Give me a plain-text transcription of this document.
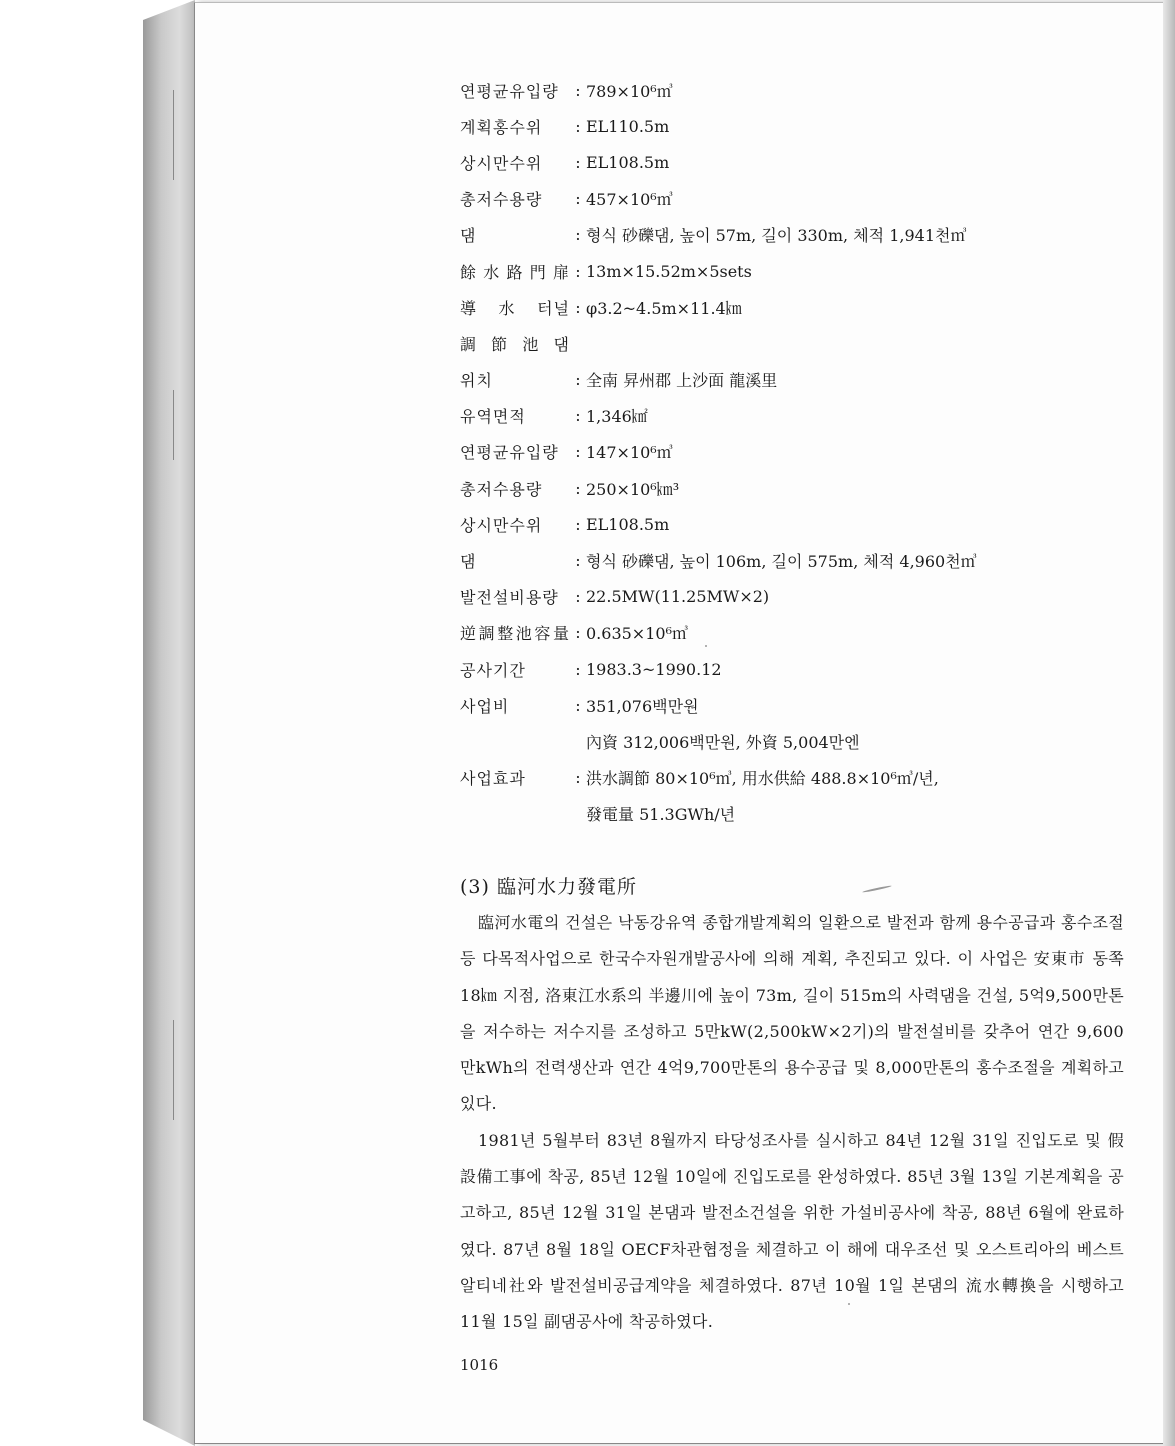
연평균유입량	: 789×10⁶㎥
계획홍수위	: EL110.5m
상시만수위	: EL108.5m
총저수용량	: 457×10⁶㎥
댐	: 형식 砂礫댐, 높이 57m, 길이 330m, 체적 1,941천㎥
餘水路門扉 : 13m×15.52m×5sets
導水터널 : φ3.2~4.5m×11.4㎞
調節池댐
위치	: 全南 昇州郡 上沙面 龍溪里
유역면적	: 1,346㎢
연평균유입량	: 147×10⁶㎥
총저수용량	: 250×10⁶㎞³
상시만수위	: EL108.5m
댐	: 형식 砂礫댐, 높이 106m, 길이 575m, 체적 4,960천㎥
발전설비용량	: 22.5MW(11.25MW×2)
逆調整池容量 : 0.635×10⁶㎥
공사기간	: 1983.3~1990.12
사업비	: 351,076백만원
內資 312,006백만원, 外資 5,004만엔
사업효과	: 洪水調節 80×10⁶㎥, 用水供給 488.8×10⁶㎥/년,
發電量 51.3GWh/년
(3) 臨河水力發電所

臨河水電의 건설은 낙동강유역 종합개발계획의 일환으로 발전과 함께 용수공급과 홍수조절 등 다목적사업으로 한국수자원개발공사에 의해 계획, 추진되고 있다. 이 사업은 安東市 동쪽 18㎞ 지점, 洛東江水系의 半邊川에 높이 73m, 길이 515m의 사력댐을 건설, 5억9,500만톤을 저수하는 저수지를 조성하고 5만kW(2,500kW×2기)의 발전설비를 갖추어 연간 9,600만kWh의 전력생산과 연간 4억9,700만톤의 용수공급 및 8,000만톤의 홍수조절을 계획하고 있다.

1981년 5월부터 83년 8월까지 타당성조사를 실시하고 84년 12월 31일 진입도로 및 假設備工事에 착공, 85년 12월 10일에 진입도로를 완성하였다. 85년 3월 13일 기본계획을 공고하고, 85년 12월 31일 본댐과 발전소건설을 위한 가설비공사에 착공, 88년 6월에 완료하였다. 87년 8월 18일 OECF차관협정을 체결하고 이 해에 대우조선 및 오스트리아의 베스트알티네社와 발전설비공급계약을 체결하였다. 87년 10월 1일 본댐의 流水轉換을 시행하고 11월 15일 副댐공사에 착공하였다.

1016
